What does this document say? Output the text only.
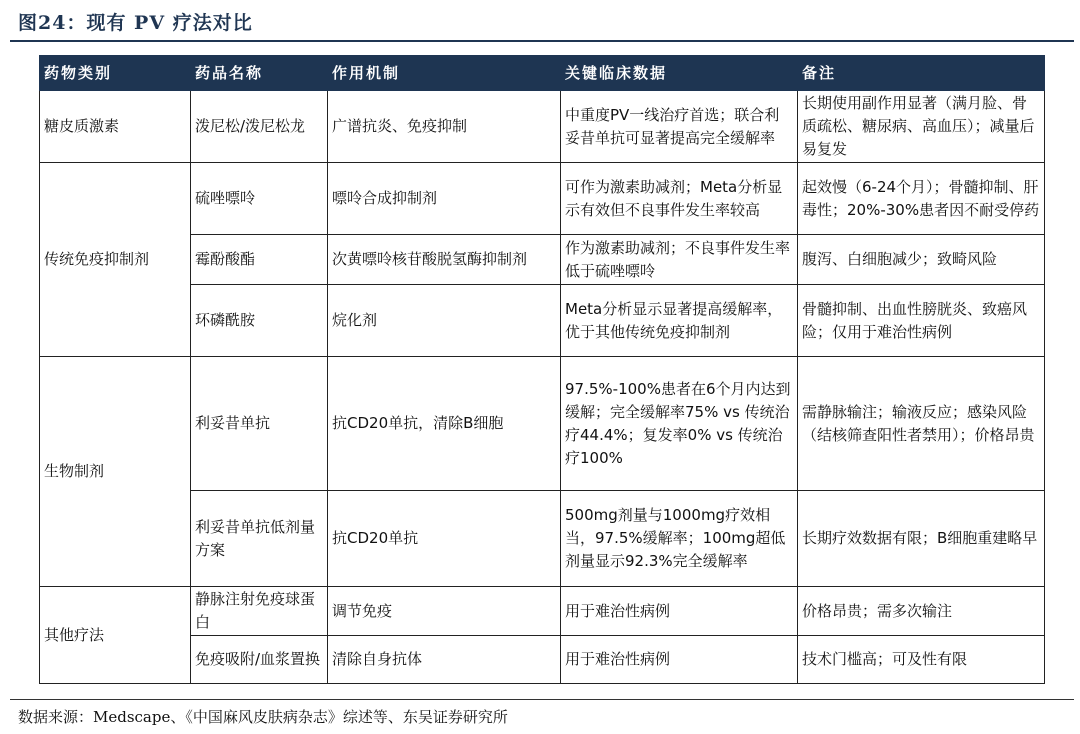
图24：现有 PV 疗法对比
药物类别	药品名称	作用机制	关键临床数据	备注
糖皮质激素	泼尼松/泼尼松龙	广谱抗炎、免疫抑制	中重度PV一线治疗首选；联合利妥昔单抗可显著提高完全缓解率	长期使用副作用显著（满月脸、骨质疏松、糖尿病、高血压）；减量后易复发
传统免疫抑制剂	硫唑嘌呤	嘌呤合成抑制剂	可作为激素助减剂；Meta分析显示有效但不良事件发生率较高	起效慢（6-24个月）；骨髓抑制、肝毒性；20%-30%患者因不耐受停药
	霉酚酸酯	次黄嘌呤核苷酸脱氢酶抑制剂	作为激素助减剂；不良事件发生率低于硫唑嘌呤	腹泻、白细胞减少；致畸风险
	环磷酰胺	烷化剂	Meta分析显示显著提高缓解率，优于其他传统免疫抑制剂	骨髓抑制、出血性膀胱炎、致癌风险；仅用于难治性病例
生物制剂	利妥昔单抗	抗CD20单抗，清除B细胞	97.5%-100%患者在6个月内达到缓解；完全缓解率75% vs 传统治疗44.4%；复发率0% vs 传统治疗100%	需静脉输注；输液反应；感染风险（结核筛查阳性者禁用）；价格昂贵
	利妥昔单抗低剂量方案	抗CD20单抗	500mg剂量与1000mg疗效相当，97.5%缓解率；100mg超低剂量显示92.3%完全缓解率	长期疗效数据有限；B细胞重建略早
其他疗法	静脉注射免疫球蛋白	调节免疫	用于难治性病例	价格昂贵；需多次输注
	免疫吸附/血浆置换	清除自身抗体	用于难治性病例	技术门槛高；可及性有限
数据来源：Medscape、《中国麻风皮肤病杂志》综述等、东吴证券研究所
